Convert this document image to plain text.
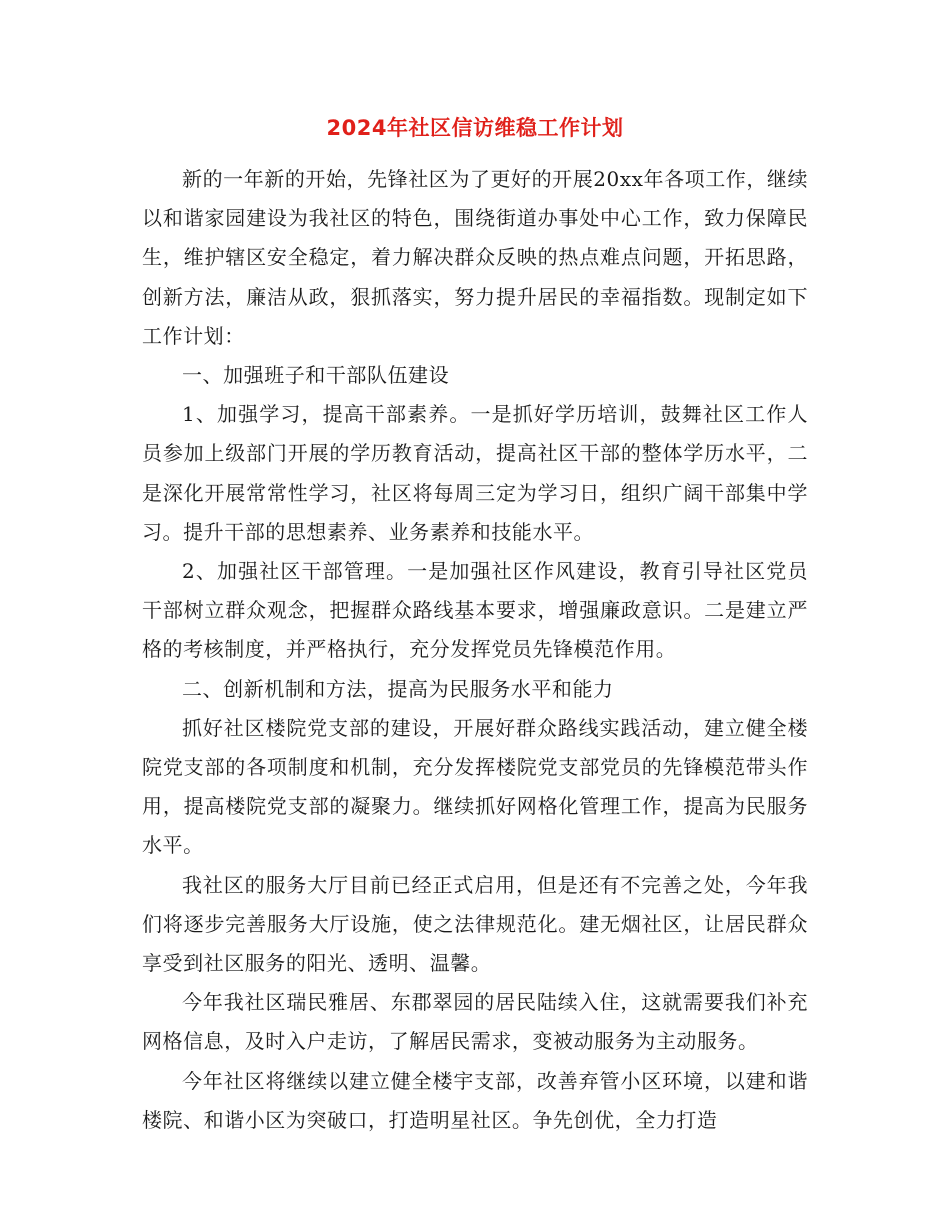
2024年社区信访维稳工作计划

新的一年新的开始，先锋社区为了更好的开展20xx年各项工作，继续以和谐家园建设为我社区的特色，围绕街道办事处中心工作，致力保障民生，维护辖区安全稳定，着力解决群众反映的热点难点问题，开拓思路，创新方法，廉洁从政，狠抓落实，努力提升居民的幸福指数。现制定如下工作计划：

一、加强班子和干部队伍建设

1、加强学习，提高干部素养。一是抓好学历培训，鼓舞社区工作人员参加上级部门开展的学历教育活动，提高社区干部的整体学历水平，二是深化开展常常性学习，社区将每周三定为学习日，组织广阔干部集中学习。提升干部的思想素养、业务素养和技能水平。

2、加强社区干部管理。一是加强社区作风建设，教育引导社区党员干部树立群众观念，把握群众路线基本要求，增强廉政意识。二是建立严格的考核制度，并严格执行，充分发挥党员先锋模范作用。

二、创新机制和方法，提高为民服务水平和能力

抓好社区楼院党支部的建设，开展好群众路线实践活动，建立健全楼院党支部的各项制度和机制，充分发挥楼院党支部党员的先锋模范带头作用，提高楼院党支部的凝聚力。继续抓好网格化管理工作，提高为民服务水平。

我社区的服务大厅目前已经正式启用，但是还有不完善之处，今年我们将逐步完善服务大厅设施，使之法律规范化。建无烟社区，让居民群众享受到社区服务的阳光、透明、温馨。

今年我社区瑞民雅居、东郡翠园的居民陆续入住，这就需要我们补充网格信息，及时入户走访，了解居民需求，变被动服务为主动服务。

今年社区将继续以建立健全楼宇支部，改善弃管小区环境，以建和谐楼院、和谐小区为突破口，打造明星社区。争先创优，全力打造
